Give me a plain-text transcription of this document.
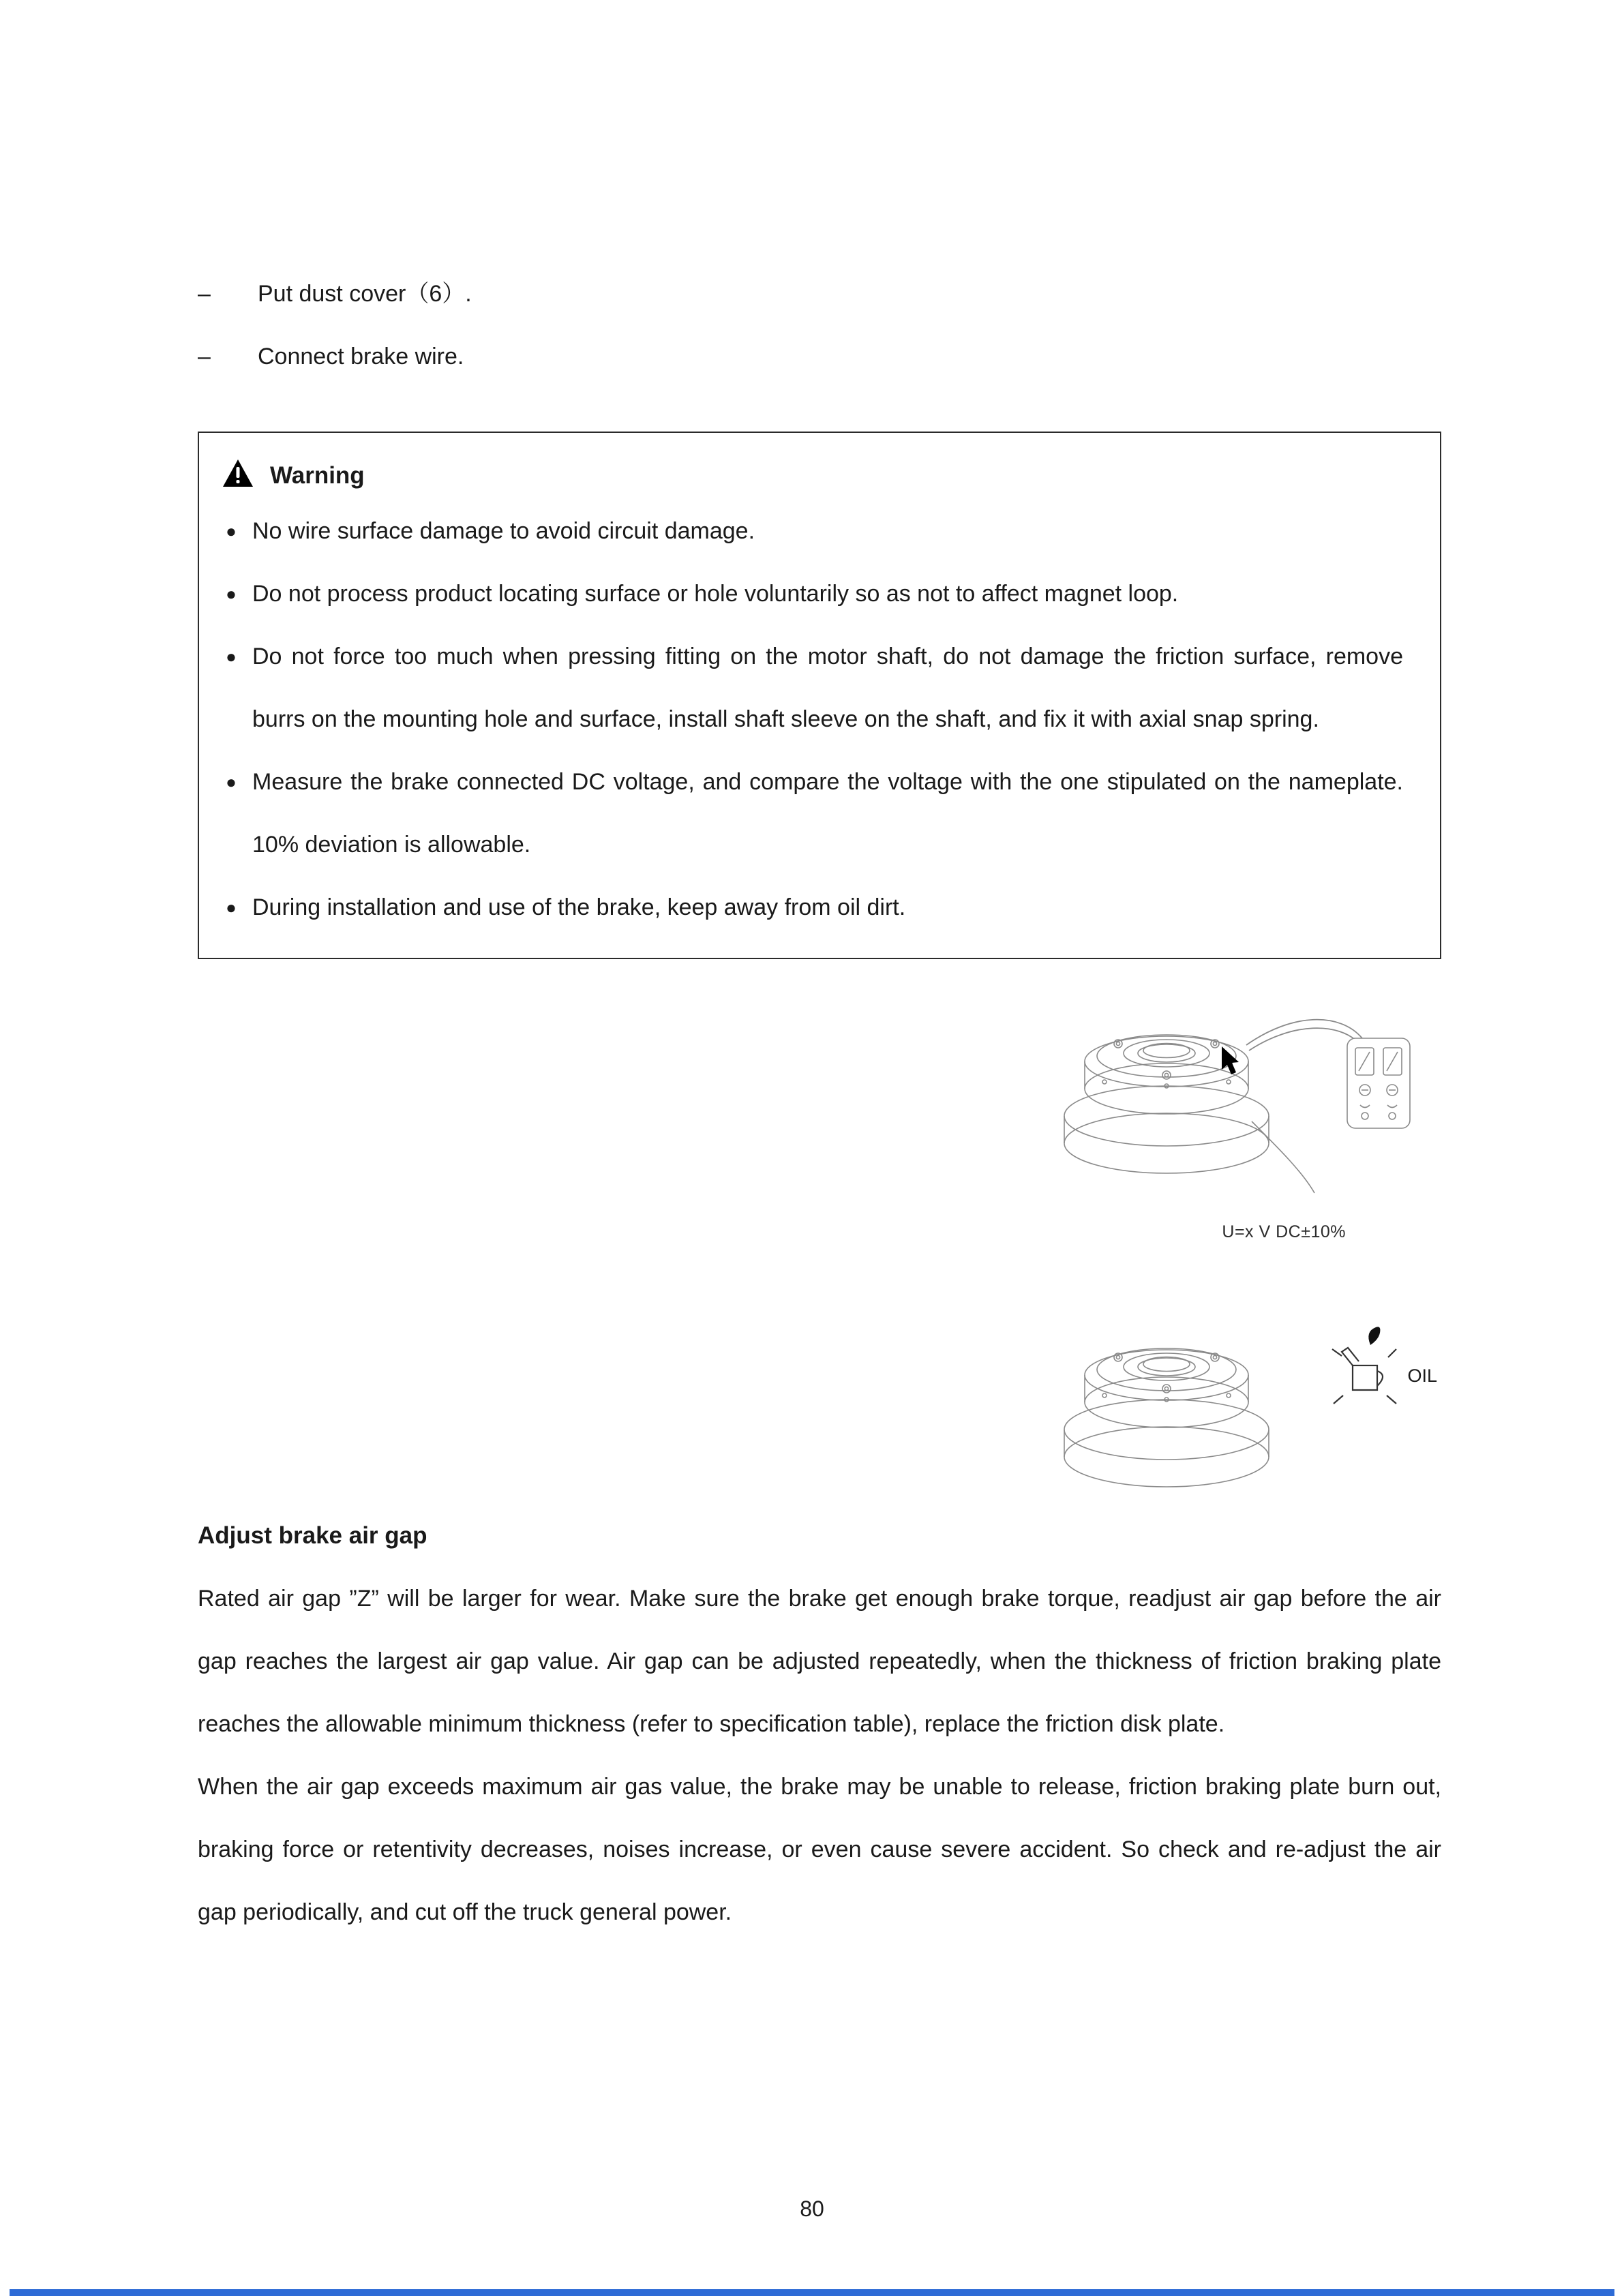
–	Put dust cover（6）.
–	Connect brake wire.
Warning
● No wire surface damage to avoid circuit damage.
● Do not process product locating surface or hole voluntarily so as not to affect magnet loop.
● Do not force too much when pressing fitting on the motor shaft, do not damage the friction surface, remove burrs on the mounting hole and surface, install shaft sleeve on the shaft, and fix it with axial snap spring.
● Measure the brake connected DC voltage, and compare the voltage with the one stipulated on the nameplate. 10% deviation is allowable.
● During installation and use of the brake, keep away from oil dirt.
U=x V DC±10%
OIL
Adjust brake air gap
Rated air gap ”Z” will be larger for wear. Make sure the brake get enough brake torque, readjust air gap before the air gap reaches the largest air gap value. Air gap can be adjusted repeatedly, when the thickness of friction braking plate reaches the allowable minimum thickness (refer to specification table), replace the friction disk plate.
When the air gap exceeds maximum air gas value, the brake may be unable to release, friction braking plate burn out, braking force or retentivity decreases, noises increase, or even cause severe accident. So check and re-adjust the air gap periodically, and cut off the truck general power.
80
